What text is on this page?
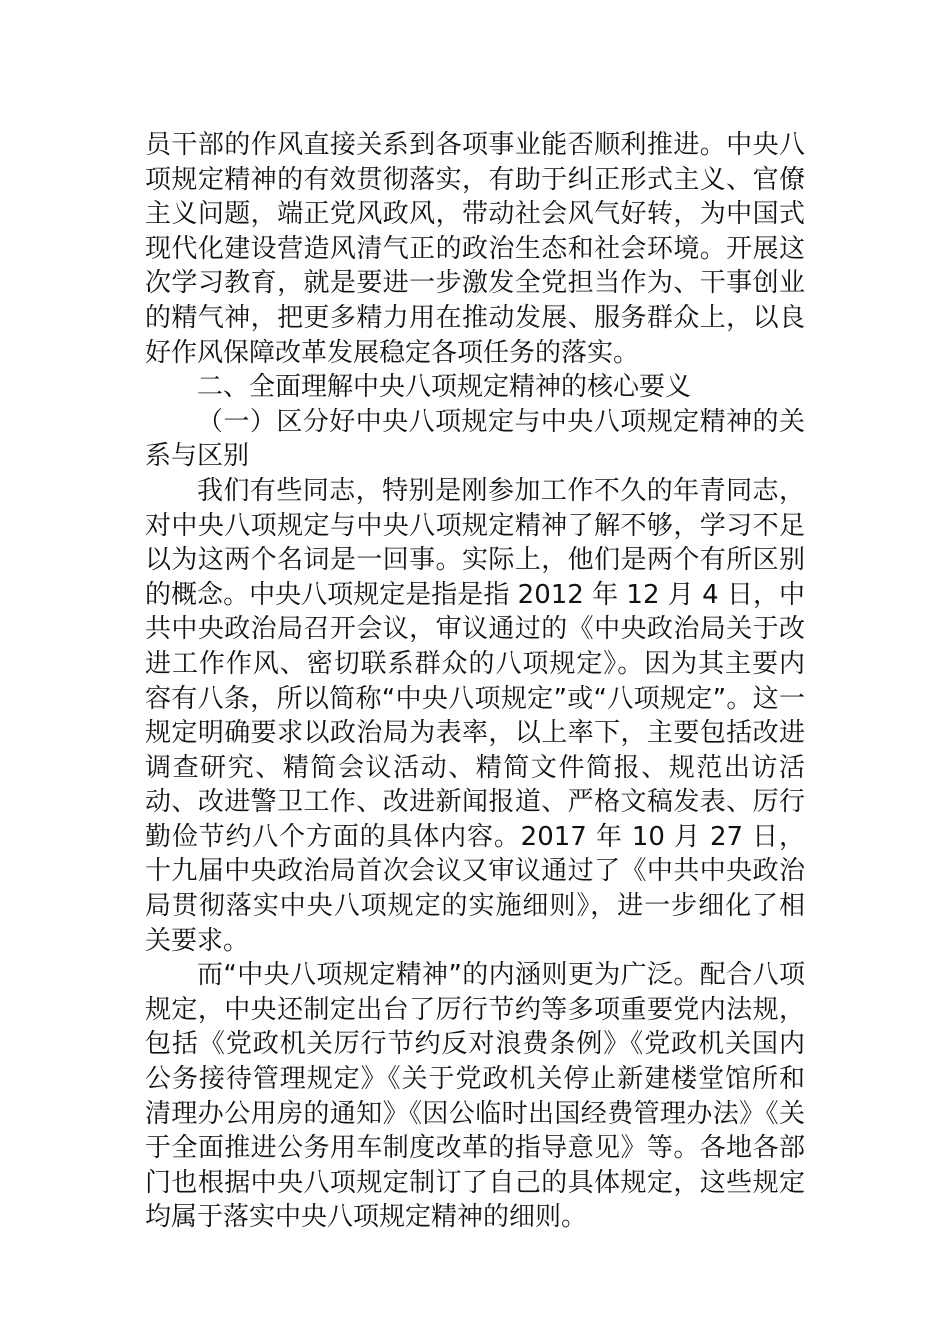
员干部的作风直接关系到各项事业能否顺利推进。中央八项规定精神的有效贯彻落实，有助于纠正形式主义、官僚主义问题，端正党风政风，带动社会风气好转，为中国式现代化建设营造风清气正的政治生态和社会环境。开展这次学习教育，就是要进一步激发全党担当作为、干事创业的精气神，把更多精力用在推动发展、服务群众上，以良好作风保障改革发展稳定各项任务的落实。

二、全面理解中央八项规定精神的核心要义

（一）区分好中央八项规定与中央八项规定精神的关系与区别

我们有些同志，特别是刚参加工作不久的年青同志，对中央八项规定与中央八项规定精神了解不够，学习不足以为这两个名词是一回事。实际上，他们是两个有所区别的概念。中央八项规定是指是指 2012 年 12 月 4 日，中共中央政治局召开会议，审议通过的《中央政治局关于改进工作作风、密切联系群众的八项规定》。因为其主要内容有八条，所以简称“中央八项规定”或“八项规定”。这一规定明确要求以政治局为表率，以上率下，主要包括改进调查研究、精简会议活动、精简文件简报、规范出访活动、改进警卫工作、改进新闻报道、严格文稿发表、厉行勤俭节约八个方面的具体内容。2017 年 10 月 27 日，十九届中央政治局首次会议又审议通过了《中共中央政治局贯彻落实中央八项规定的实施细则》，进一步细化了相关要求。

而“中央八项规定精神”的内涵则更为广泛。配合八项规定，中央还制定出台了厉行节约等多项重要党内法规，包括《党政机关厉行节约反对浪费条例》《党政机关国内公务接待管理规定》《关于党政机关停止新建楼堂馆所和清理办公用房的通知》《因公临时出国经费管理办法》《关于全面推进公务用车制度改革的指导意见》等。各地各部门也根据中央八项规定制订了自己的具体规定，这些规定均属于落实中央八项规定精神的细则。
